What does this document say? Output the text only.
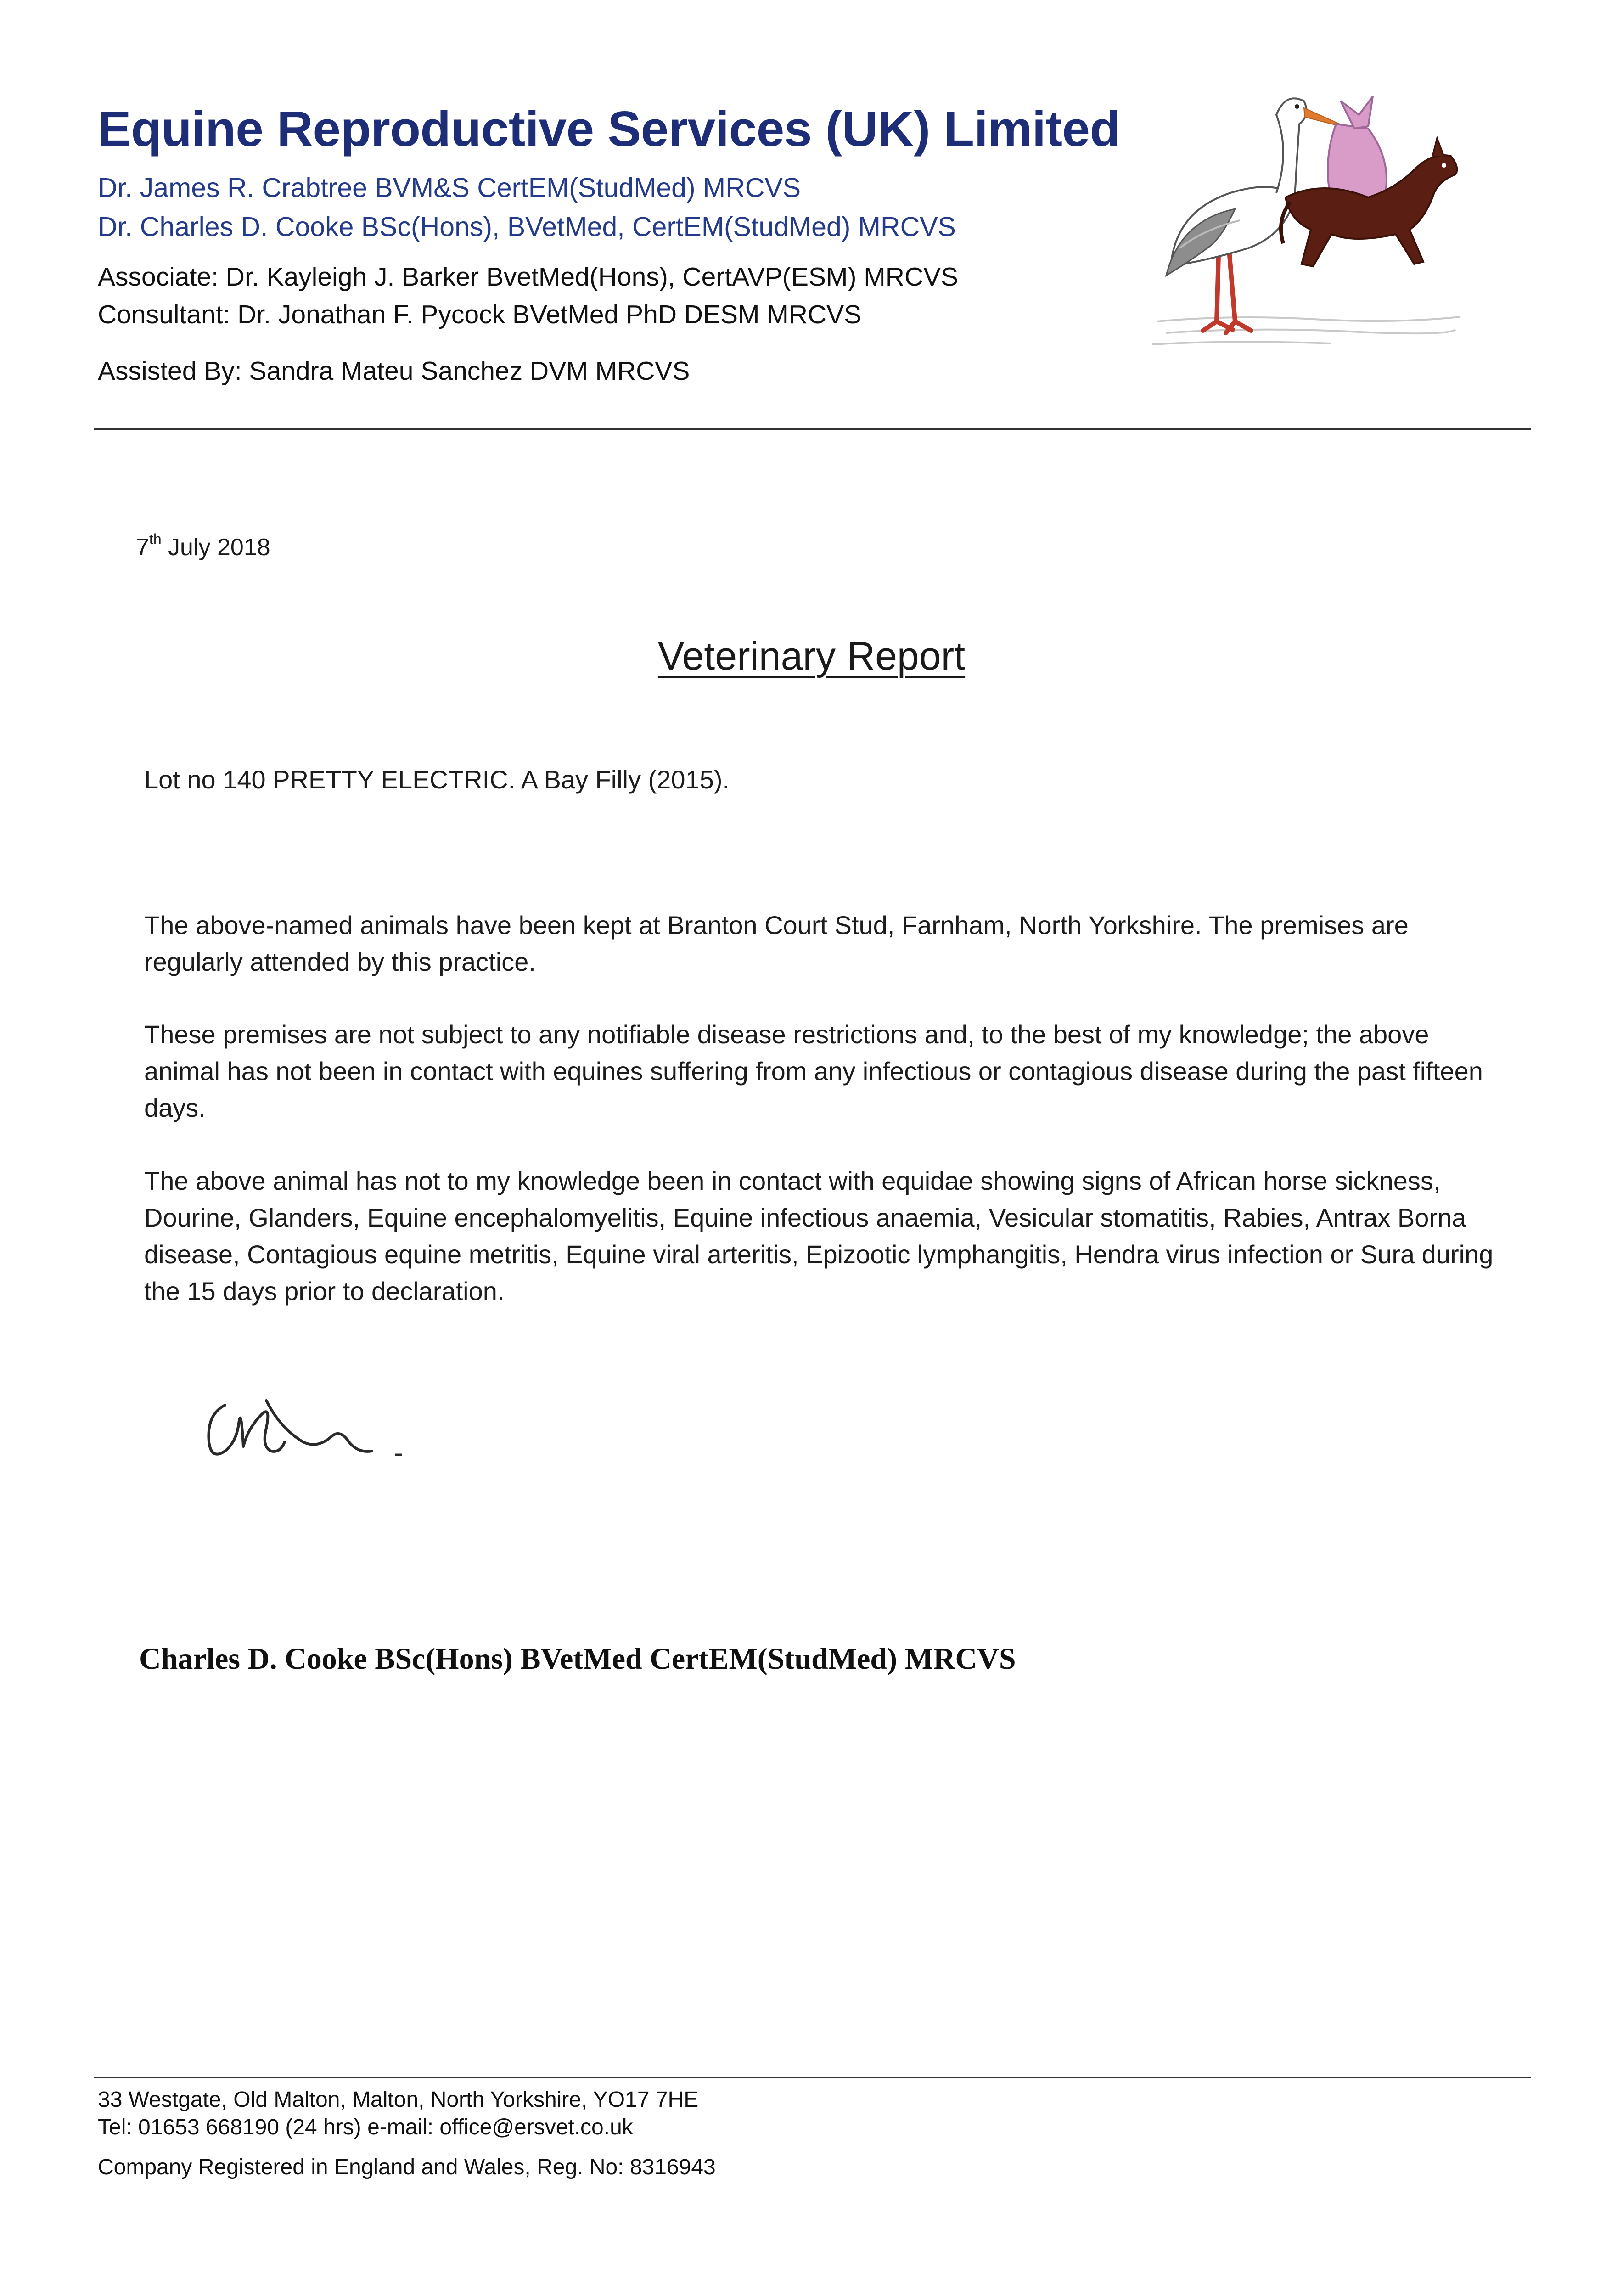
Equine Reproductive Services (UK) Limited
Dr. James R. Crabtree BVM&S CertEM(StudMed) MRCVS
Dr. Charles D. Cooke BSc(Hons), BVetMed, CertEM(StudMed) MRCVS
Associate: Dr. Kayleigh J. Barker BvetMed(Hons), CertAVP(ESM) MRCVS
Consultant: Dr. Jonathan F. Pycock BVetMed PhD DESM MRCVS
Assisted By: Sandra Mateu Sanchez DVM MRCVS
7th July 2018
Veterinary Report
Lot no 140 PRETTY ELECTRIC. A Bay Filly (2015).
The above-named animals have been kept at Branton Court Stud, Farnham, North Yorkshire. The premises are regularly attended by this practice.
These premises are not subject to any notifiable disease restrictions and, to the best of my knowledge; the above animal has not been in contact with equines suffering from any infectious or contagious disease during the past fifteen days.
The above animal has not to my knowledge been in contact with equidae showing signs of African horse sickness, Dourine, Glanders, Equine encephalomyelitis, Equine infectious anaemia, Vesicular stomatitis, Rabies, Antrax Borna disease, Contagious equine metritis, Equine viral arteritis, Epizootic lymphangitis, Hendra virus infection or Sura during the 15 days prior to declaration.
Charles D. Cooke BSc(Hons) BVetMed CertEM(StudMed) MRCVS
33 Westgate, Old Malton, Malton, North Yorkshire, YO17 7HE
Tel: 01653 668190 (24 hrs) e-mail: office@ersvet.co.uk
Company Registered in England and Wales, Reg. No: 8316943
